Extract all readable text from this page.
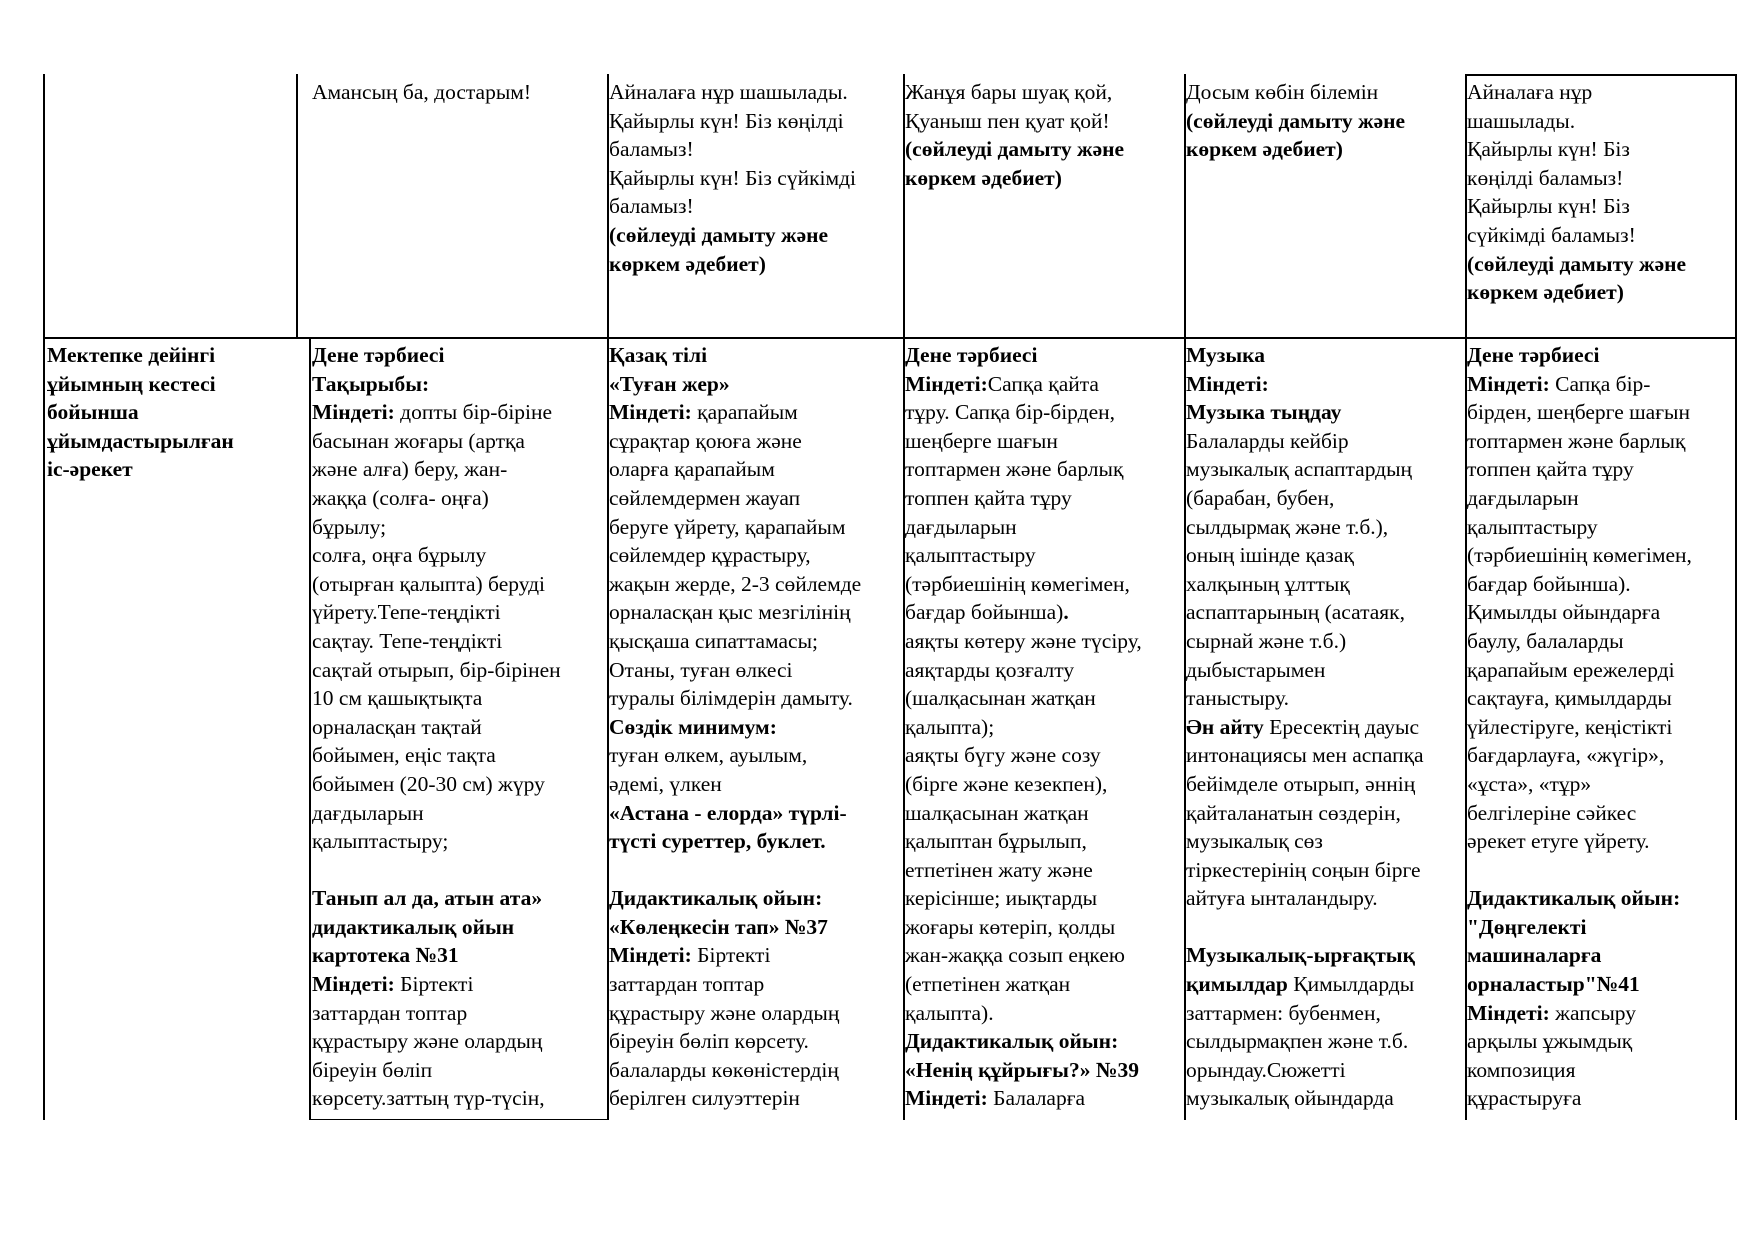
Амансың ба, достарым!	Айналаға нұр шашылады.
Қайырлы күн! Біз көңілді
баламыз!
Қайырлы күн! Біз сүйкімді
баламыз!
(сөйлеуді дамыту және
көркем әдебиет)
Жанұя бары шуақ қой,
Қуаныш пен қуат қой!
(сөйлеуді дамыту және
көркем әдебиет)
Досым көбін білемін
(сөйлеуді дамыту және
көркем әдебиет)
Айналаға нұр
шашылады.
Қайырлы күн! Біз
көңілді баламыз!
Қайырлы күн! Біз
сүйкімді баламыз!
(сөйлеуді дамыту және
көркем әдебиет)
Мектепке дейінгі
ұйымның кестесі
бойынша
ұйымдастырылған
іс-әрекет
Дене тәрбиесі
Тақырыбы:
Міндеті: допты бір-біріне
басынан жоғары (артқа
және алға) беру, жан-
жаққа (солға- оңға)
бұрылу;
солға, оңға бұрылу
(отырған қалыпта) беруді
үйрету.Тепе-теңдікті
сақтау. Тепе-теңдікті
сақтай отырып, бір-бірінен
10 см қашықтықта
орналасқан тақтай
бойымен, еңіс тақта
бойымен (20-30 см) жүру
дағдыларын
қалыптастыру;
Танып ал да, атын ата»
дидактикалық ойын
картотека №31
Міндеті: Біртекті
заттардан топтар
құрастыру және олардың
біреуін бөліп
көрсету.заттың түр-түсін,
Қазақ тілі
«Туған жер»
Міндеті: қарапайым
сұрақтар қоюға және
оларға қарапайым
сөйлемдермен жауап
беруге үйрету, қарапайым
сөйлемдер құрастыру,
жақын жерде, 2-3 сөйлемде
орналасқан қыс мезгілінің
қысқаша сипаттамасы;
Отаны, туған өлкесі
туралы білімдерін дамыту.
Сөздік минимум:
туған өлкем, ауылым,
әдемі, үлкен
«Астана - елорда» түрлі-
түсті суреттер, буклет.
Дидактикалық ойын:
«Көлеңкесін тап» №37
Міндеті: Біртекті
заттардан топтар
құрастыру және олардың
біреуін бөліп көрсету.
балаларды көкөністердің
берілген силуэттерін
Дене тәрбиесі
Міндеті:Сапқа қайта
тұру. Сапқа бір-бірден,
шеңберге шағын
топтармен және барлық
топпен қайта тұру
дағдыларын
қалыптастыру
(тәрбиешінің көмегімен,
бағдар бойынша).
аяқты көтеру және түсіру,
аяқтарды қозғалту
(шалқасынан жатқан
қалыпта);
аяқты бүгу және созу
(бірге және кезекпен),
шалқасынан жатқан
қалыптан бұрылып,
етпетінен жату және
керісінше; иықтарды
жоғары көтеріп, қолды
жан-жаққа созып еңкею
(етпетінен жатқан
қалыпта).
Дидактикалық ойын:
«Ненің құйрығы?» №39
Міндеті: Балаларға
Музыка
Міндеті:
Музыка тыңдау
Балаларды кейбір
музыкалық аспаптардың
(барабан, бубен,
сылдырмақ және т.б.),
оның ішінде қазақ
халқының ұлттық
аспаптарының (асатаяк,
сырнай және т.б.)
дыбыстарымен
таныстыру.
Ән айту Ересектің дауыс
интонациясы мен аспапқа
бейімделе отырып, әннің
қайталанатын сөздерін,
музыкалық сөз
тіркестерінің соңын бірге
айтуға ынталандыру.
Музыкалық-ырғақтық
қимылдар Қимылдарды
заттармен: бубенмен,
сылдырмақпен және т.б.
орындау.Сюжетті
музыкалық ойындарда
Дене тәрбиесі
Міндеті: Сапқа бір-
бірден, шеңберге шағын
топтармен және барлық
топпен қайта тұру
дағдыларын
қалыптастыру
(тәрбиешінің көмегімен,
бағдар бойынша).
Қимылды ойындарға
баулу, балаларды
қарапайым ережелерді
сақтауға, қимылдарды
үйлестіруге, кеңістікті
бағдарлауға, «жүгір»,
«ұста», «тұр»
белгілеріне сәйкес
әрекет етуге үйрету.
Дидактикалық ойын:
"Дөңгелекті
машиналарға
орналастыр"№41
Міндеті: жапсыру
арқылы ұжымдық
композиция
құрастыруға
